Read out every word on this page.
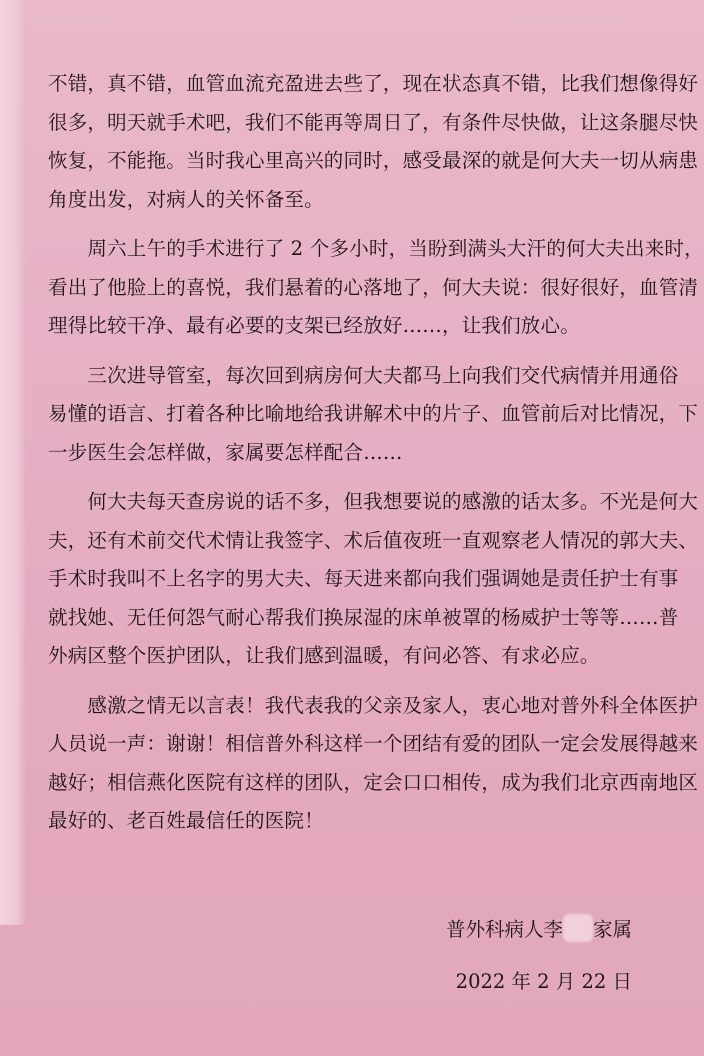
不错，真不错，血管血流充盈进去些了，现在状态真不错，比我们想像得好
很多，明天就手术吧，我们不能再等周日了，有条件尽快做，让这条腿尽快
恢复，不能拖。当时我心里高兴的同时，感受最深的就是何大夫一切从病患
角度出发，对病人的关怀备至。

　　周六上午的手术进行了 2 个多小时，当盼到满头大汗的何大夫出来时，
看出了他脸上的喜悦，我们悬着的心落地了，何大夫说：很好很好，血管清
理得比较干净、最有必要的支架已经放好……，让我们放心。

　　三次进导管室，每次回到病房何大夫都马上向我们交代病情并用通俗
易懂的语言、打着各种比喻地给我讲解术中的片子、血管前后对比情况，下
一步医生会怎样做，家属要怎样配合……

　　何大夫每天查房说的话不多，但我想要说的感激的话太多。不光是何大
夫，还有术前交代术情让我签字、术后值夜班一直观察老人情况的郭大夫、
手术时我叫不上名字的男大夫、每天进来都向我们强调她是责任护士有事
就找她、无任何怨气耐心帮我们换尿湿的床单被罩的杨威护士等等……普
外病区整个医护团队，让我们感到温暖，有问必答、有求必应。

　　感激之情无以言表！我代表我的父亲及家人，衷心地对普外科全体医护
人员说一声：谢谢！相信普外科这样一个团结有爱的团队一定会发展得越来
越好；相信燕化医院有这样的团队，定会口口相传，成为我们北京西南地区
最好的、老百姓最信任的医院！

普外科病人李 家属
2022 年 2 月 22 日
